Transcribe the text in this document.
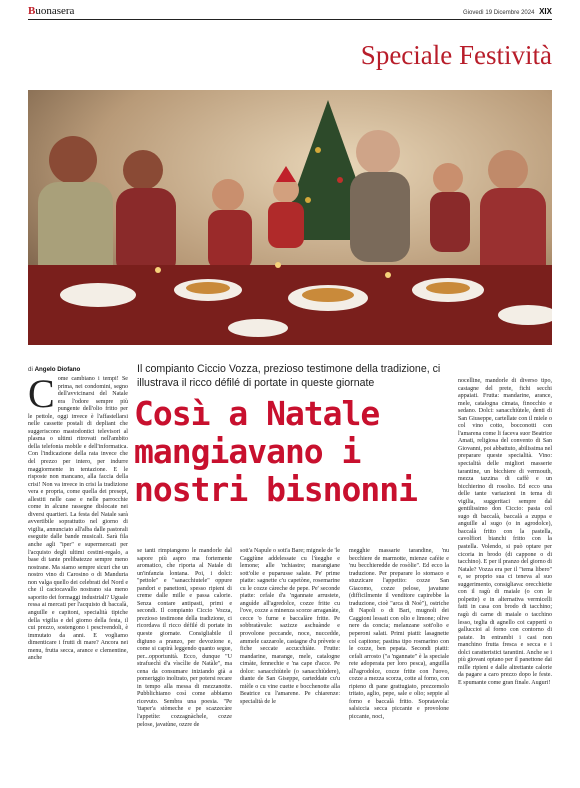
Buonasera	Giovedì 19 Dicembre 2024 XIX
Speciale Festività
di Angelo Diofano	Il compianto Ciccio Vozza, prezioso testimone della tradizione, ci illustrava il ricco défilé di portate in queste giornate
Così a Natale mangiavano i nostri bisnonni
Come cambiano i tempi! Se prima, nei condomini, segno dell'avvicinarsi del Natale era l'odore sempre più pungente dell'olio fritto per le pettole, oggi invece è l'affastellarsi nelle cassette postali di depliant che suggeriscono mastodontici televisori al plasma o ultimi ritrovati nell'ambito della telefonia mobile e dell'informatica. Con l'indicazione della rata invece che del prezzo per intero, per indurre maggiormente in tentazione. E le risposte non mancano, alla faccia della crisi! Non va invece in crisi la tradizione vera e propria, come quella dei presepi, allestiti nelle case e nelle parrocchie come in alcune rassegne dislocate nei diversi quartieri. La festa del Natale sarà avvertibile soprattutto nel giorno di vigilia, annunciato all'alba dalle pastorali eseguite dalle bande musicali. Sarà fila anche agli "iper" e supermercati per l'acquisto degli ultimi cestini-regalo, a base di tante prelibatezze sempre meno nostrane. Ma siamo sempre sicuri che un nostro vino di Carosino o di Manduria non valga quello dei celebrati del Nord e che il caciocavallo nostrano sia meno saporito dei formaggi industriali? Uguale ressa ai mercati per l'acquisto di baccalà, anguille e capitoni, specialità tipiche della vigilia e del giorno della festa, il cui prezzo, sostengono i pescivendoli, è immutato da anni. E vogliamo dimenticare i frutti di mare? Ancora nei menu, frutta secca, arance e clementine, anche
se tanti rimpiangono le mandorle dal sapore più aspro ma fortemente aromatico, che riporta al Natale di un'infanzia lontana. Poi, i dolci: "pettole" e "sanacchiutele" oppure pandori e panettoni, spesso ripieni di creme dalle mille e passa calorie. Senza contare antipasti, primi e secondi. Il compianto Ciccio Vozza, prezioso testimone della tradizione, ci ricordava il ricco défilé di portate in queste giornate. Consigliabile il digiuno a pranzo, per devozione e, come si capirà leggendo quanto segue, per...opportunità. Ecco, dunque "U strafuechì d'a vìscìlie de Natàle", ma cena da consumare iniziando già a pomeriggio inoltrato, per potersi recare in tempo alla messa di mezzanotte. Pubblichiamo così come abbiamo ricevuto. Sembra una poesia. "Pe 'ttaper'a stòmeche e pe scazzecàre l'appetìte: cozzagnàchele, cozze pelose, javatùne, ozzre de
sott'a Napule o sott'a Bare; mignele de 'le Caggiùne addelessate cu l'ùegghe e lemone; alle 'nchiastre; marangiane sott'olie e puparusse salate. Pe' prime piatte: sagnette c'u capetòne, rosemarine cu le cozze càreche de pepe. Pe' seconde piatte: cefale d'a 'ngannate arrustete, anguìde all'agredolce, cozze fritte cu l'ove, cozze a minenza scorze arraganàte, cecce 'o furne e baccalàre fritte. Pe sobbratàvule: sazizze aschuànde e provolone peccande, noce, nuccedde, ammele cazzarole, castagne d'u prèvete e fiche seccate accucchiàte. Frutte: mandarine, marange, mele, catalogne cimàte, fennechie e 'na cape d'acce. Pe dolce: sanacchiùtele (o sanacchiùdere), diante de San Giseppe, carteddate cu'u mièle o cu vine cuette e bocchenotte alla Beatrice cu l'amarene. Pe chiarenze: specialità de le
megghie massarie tarandine, 'nu becchiere de marmotte, mienze cafèie e 'nu becchieredde de rosòlie". Ed ecco la traduzione. Per preparare lo stomaco e stuzzicare l'appetito: cozze San Giacomo, cozze pelose, javatune (difficilmente il venditore capirebbe la traduzione, cioè "arca di Noè"), ostriche di Napoli o di Bari, mugnoli dei Caggioni lessati con olio e limone; olive nere da concia; melanzane sott'olio e peperoni salati. Primi piatti: lasagnette col capitone; pastina tipo rosmarino con le cozze, ben pepata. Secondi piatti: cefali arrosto ("a 'ngannate" è la speciale rete adoperata per loro pesca), anguilla all'agrodolce, cozze fritte con l'uovo, cozze a mezza scorza, cotte al forno, con ripieno di pane grattugiato, prezzemolo tritato, aglio, pepe, sale e olio; seppie al forno e baccalà fritto. Sopratavola: salsiccia secca piccante e provolone piccante, noci,
nocelline, mandorle di diverso tipo, castagne del prete, fichi secchi appaiati. Frutta: mandarine, arance, mele, catalogna cimata, finocchio e sedano. Dolci: sanacchiùtele, denti di San Giuseppe, cartellate con il miele o col vino cotto, bocconotti con l'amarena come li faceva suor Beatrice Amati, religiosa del convento di San Giovanni, poi abbattuto, abilissima nel preparare queste specialità. Vino: specialità delle migliori masserie tarantine, un bicchiere di vermouth, mezza tazzina di caffè e un bicchierino di rosolio. Ed ecco una delle tante variazioni in tema di vigilia, suggeritaci sempre dal gentilissimo don Ciccio: pasta col sugo di baccalà, baccalà a zuppa e anguille al sugo (o in agrodolce), baccalà fritto con la pastella, cavolfiori bianchi fritto con la pastella. Volendo, si può optare per cicoria in brodo (di cappone o di tacchino). E per il pranzo del giorno di Natale? Vozza era per il "tema libero" e, se proprio sua ci teneva al suo suggerimento, consigliava: orecchiette con il ragù di maiale (o con le polpette) e in alternativa vermicelli fatti in casa con brodo di tacchino; ragù di carne di maiale o tacchino lesso, teglia di agnello coi cappertì o galluccioi al forno con contorno di patate. In entrambi i casi non manchino frutta fresca e secca e i dolci caratteristici tarantini. Anche se i più giovani optano per il panettone dai mille ripieni e dalle altrettante calorie da pagare a caro prezzo dopo le feste. E spumante come gran finale. Auguri!
